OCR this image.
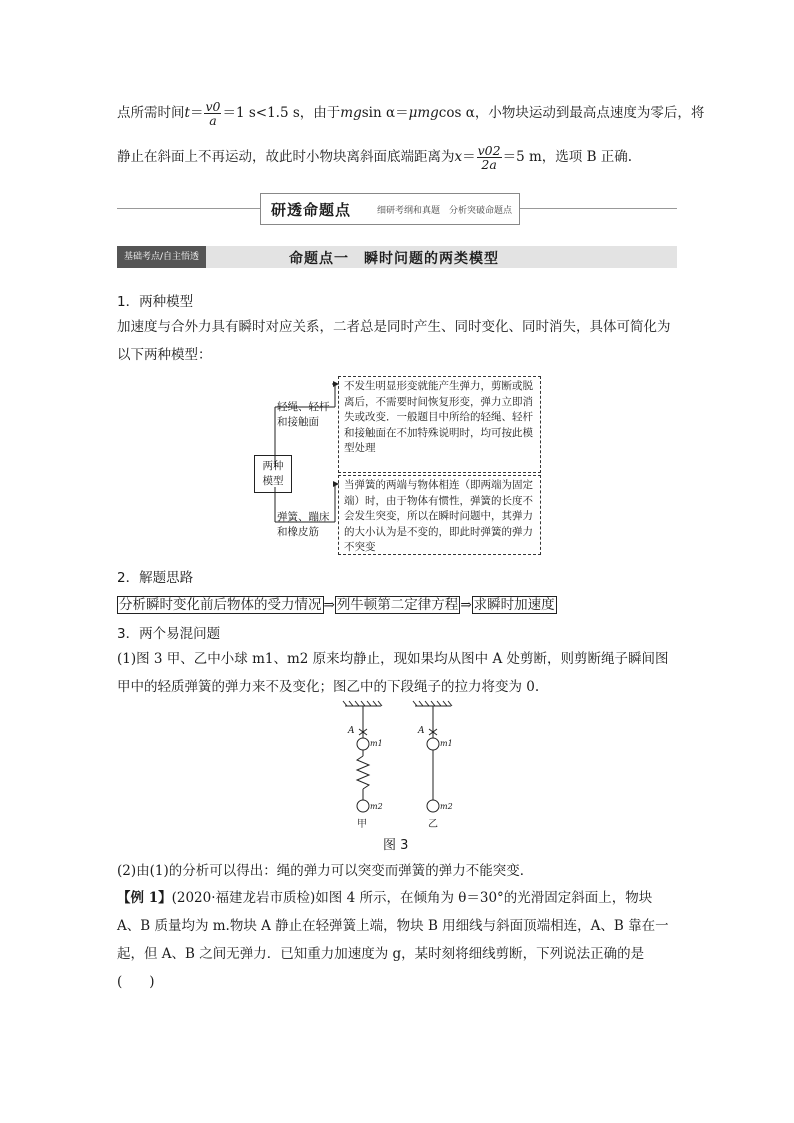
点所需时间$t= \frac{v0}{a} =1$ s<1.5 s，由于mgsin α＝μmgcos α，小物块运动到最高点速度为零后，将
静止在斜面上不再运动，故此时小物块离斜面底端距离为$x= \frac{v02}{2a} =5$ m，选项 B 正确.
研透命题点	细研考纲和真题　分析突破命题点
基础考点/自主悟透	命题点一　瞬时问题的两类模型
1．两种模型
加速度与合外力具有瞬时对应关系，二者总是同时产生、同时变化、同时消失，具体可简化为以下两种模型：
两种模型
轻绳、轻杆和接触面
弹簧、蹦床和橡皮筋
不发生明显形变就能产生弹力，剪断或脱离后，不需要时间恢复形变，弹力立即消失或改变．一般题目中所给的轻绳、轻杆和接触面在不加特殊说明时，均可按此模型处理
当弹簧的两端与物体相连（即两端为固定端）时，由于物体有惯性，弹簧的长度不会发生突变，所以在瞬时问题中，其弹力的大小认为是不变的，即此时弹簧的弹力不突变
2．解题思路
分析瞬时变化前后物体的受力情况 ⇒ 列牛顿第二定律方程 ⇒ 求瞬时加速度
3．两个易混问题
(1)图 3 甲、乙中小球 m1、m2 原来均静止，现如果均从图中 A 处剪断，则剪断绳子瞬间图甲中的轻质弹簧的弹力来不及变化；图乙中的下段绳子的拉力将变为 0.
A
m1
m2
甲
A
m1
m2
乙
图 3
(2)由(1)的分析可以得出：绳的弹力可以突变而弹簧的弹力不能突变．
【例 1】(2020·福建龙岩市质检)如图 4 所示，在倾角为 θ＝30°的光滑固定斜面上，物块 A、B 质量均为 m.物块 A 静止在轻弹簧上端，物块 B 用细线与斜面顶端相连，A、B 靠在一起，但 A、B 之间无弹力．已知重力加速度为 g，某时刻将细线剪断，下列说法正确的是(　　)
